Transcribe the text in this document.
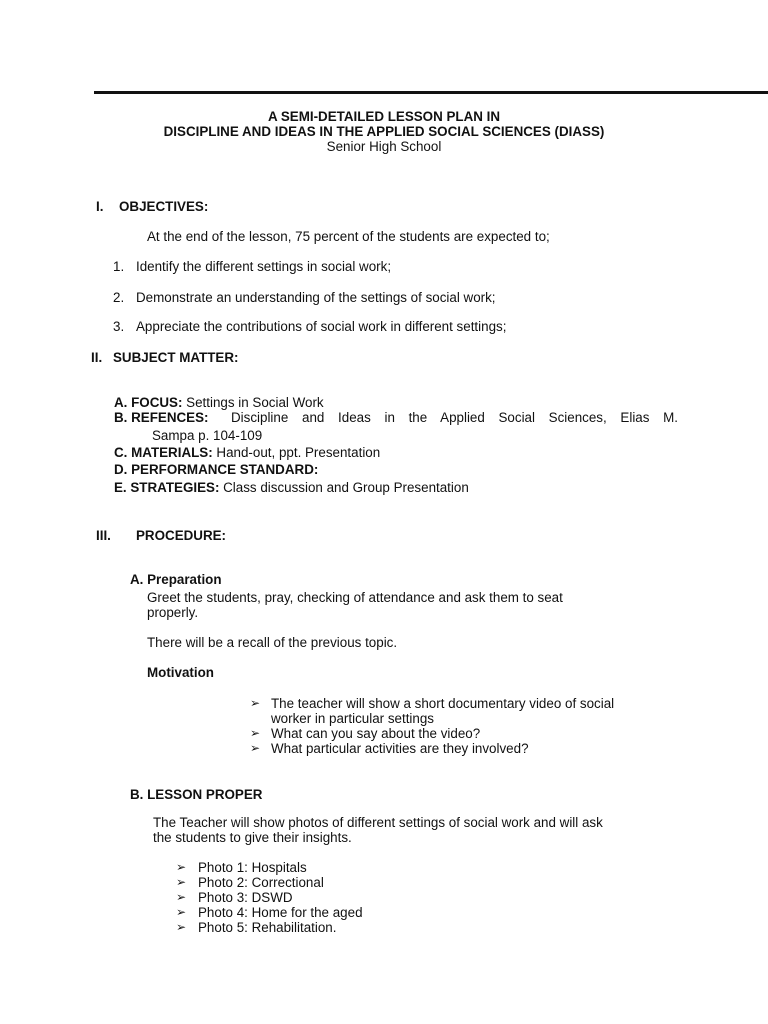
A SEMI-DETAILED LESSON PLAN IN
DISCIPLINE AND IDEAS IN THE APPLIED SOCIAL SCIENCES (DIASS)
Senior High School
I. OBJECTIVES:
At the end of the lesson, 75 percent of the students are expected to;
1. Identify the different settings in social work;
2. Demonstrate an understanding of the settings of social work;
3. Appreciate the contributions of social work in different settings;
II. SUBJECT MATTER:
A. FOCUS: Settings in Social Work
B. REFENCES: Discipline and Ideas in the Applied Social Sciences, Elias M.
Sampa p. 104-109
C. MATERIALS: Hand-out, ppt. Presentation
D. PERFORMANCE STANDARD:
E. STRATEGIES: Class discussion and Group Presentation
III. PROCEDURE:
A. Preparation
Greet the students, pray, checking of attendance and ask them to seat
properly.
There will be a recall of the previous topic.
Motivation
➢ The teacher will show a short documentary video of social
worker in particular settings
➢ What can you say about the video?
➢ What particular activities are they involved?
B. LESSON PROPER
The Teacher will show photos of different settings of social work and will ask
the students to give their insights.
➢ Photo 1: Hospitals
➢ Photo 2: Correctional
➢ Photo 3: DSWD
➢ Photo 4: Home for the aged
➢ Photo 5: Rehabilitation.
